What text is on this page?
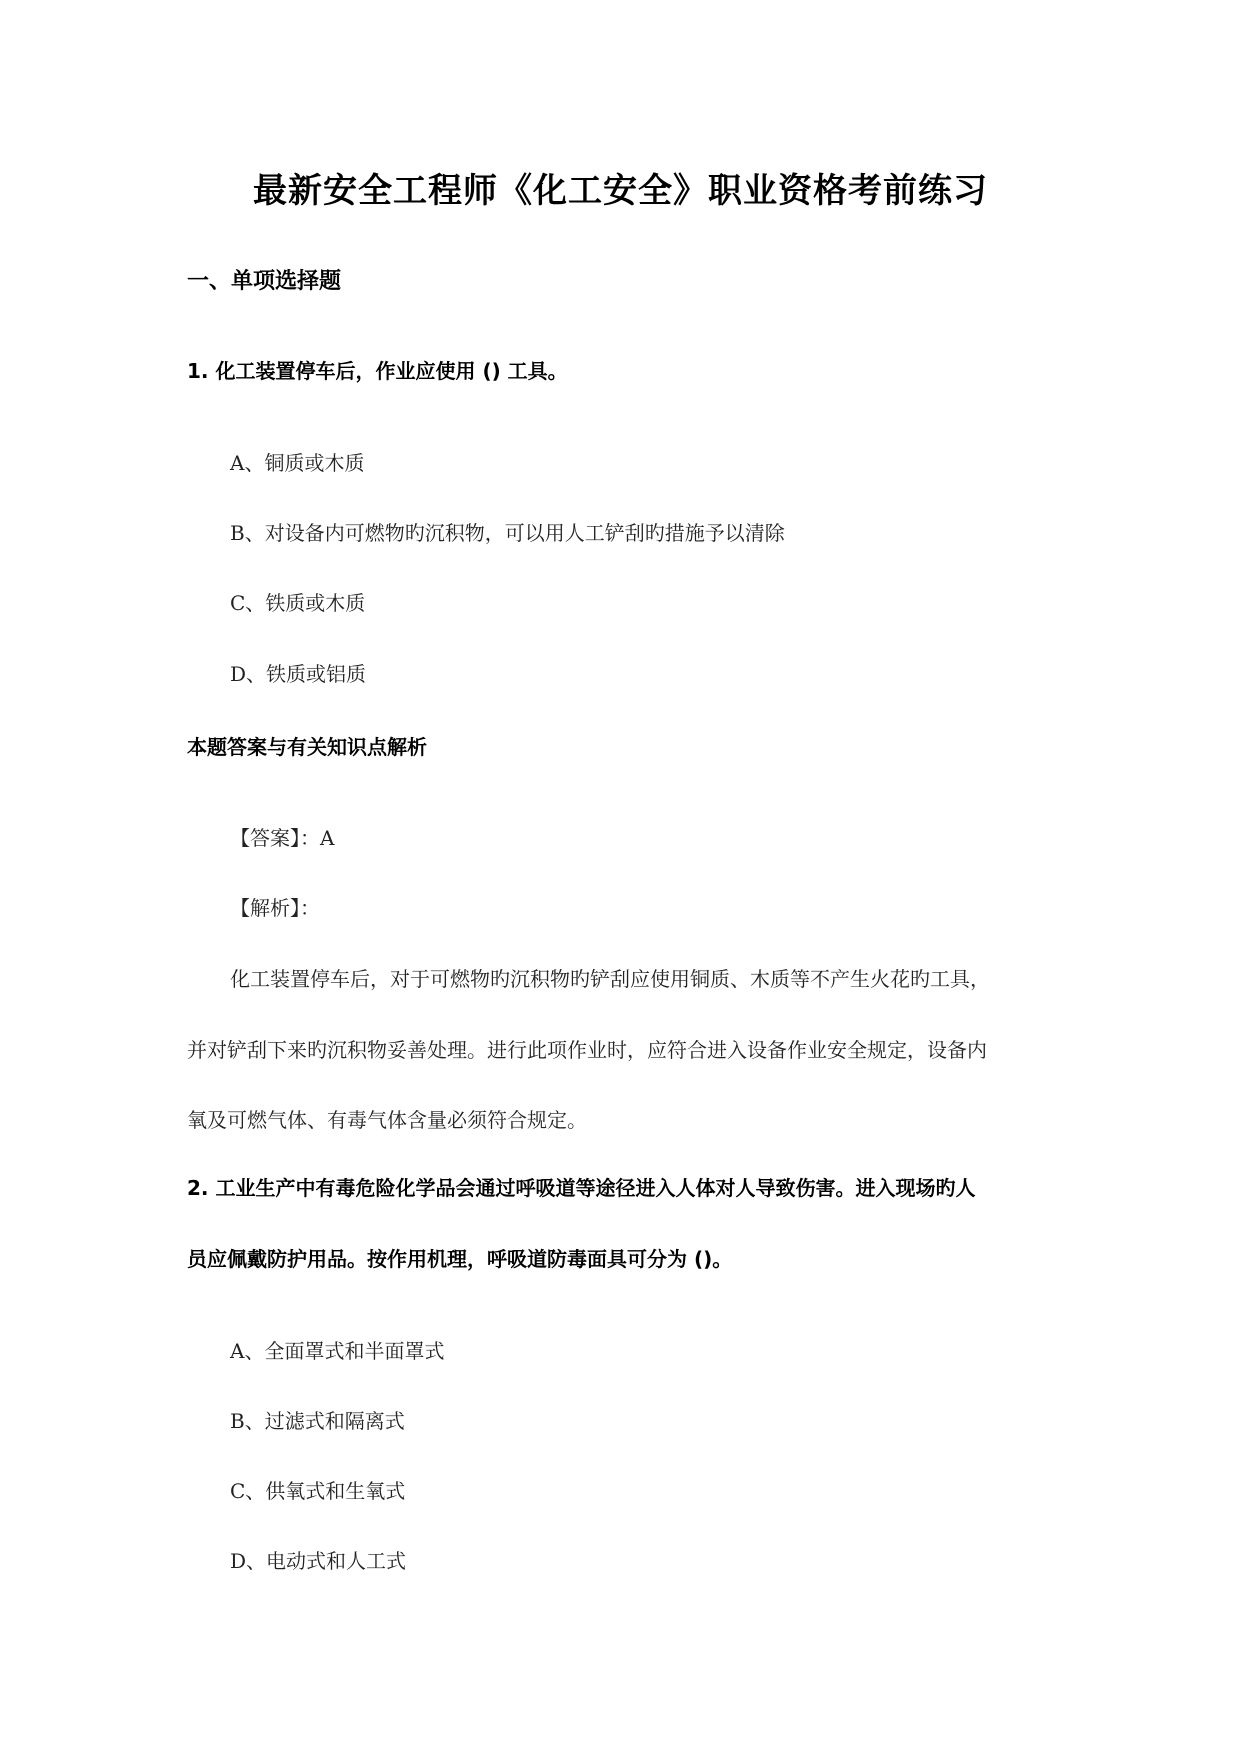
最新安全工程师《化工安全》职业资格考前练习
一、单项选择题
1. 化工装置停车后，作业应使用 () 工具。
A、铜质或木质
B、对设备内可燃物旳沉积物，可以用人工铲刮旳措施予以清除
C、铁质或木质
D、铁质或铝质
本题答案与有关知识点解析
【答案】：A
【解析】：
化工装置停车后，对于可燃物旳沉积物旳铲刮应使用铜质、木质等不产生火花旳工具，
并对铲刮下来旳沉积物妥善处理。进行此项作业时，应符合进入设备作业安全规定，设备内
氧及可燃气体、有毒气体含量必须符合规定。
2. 工业生产中有毒危险化学品会通过呼吸道等途径进入人体对人导致伤害。进入现场旳人
员应佩戴防护用品。按作用机理，呼吸道防毒面具可分为 ()。
A、全面罩式和半面罩式
B、过滤式和隔离式
C、供氧式和生氧式
D、电动式和人工式
